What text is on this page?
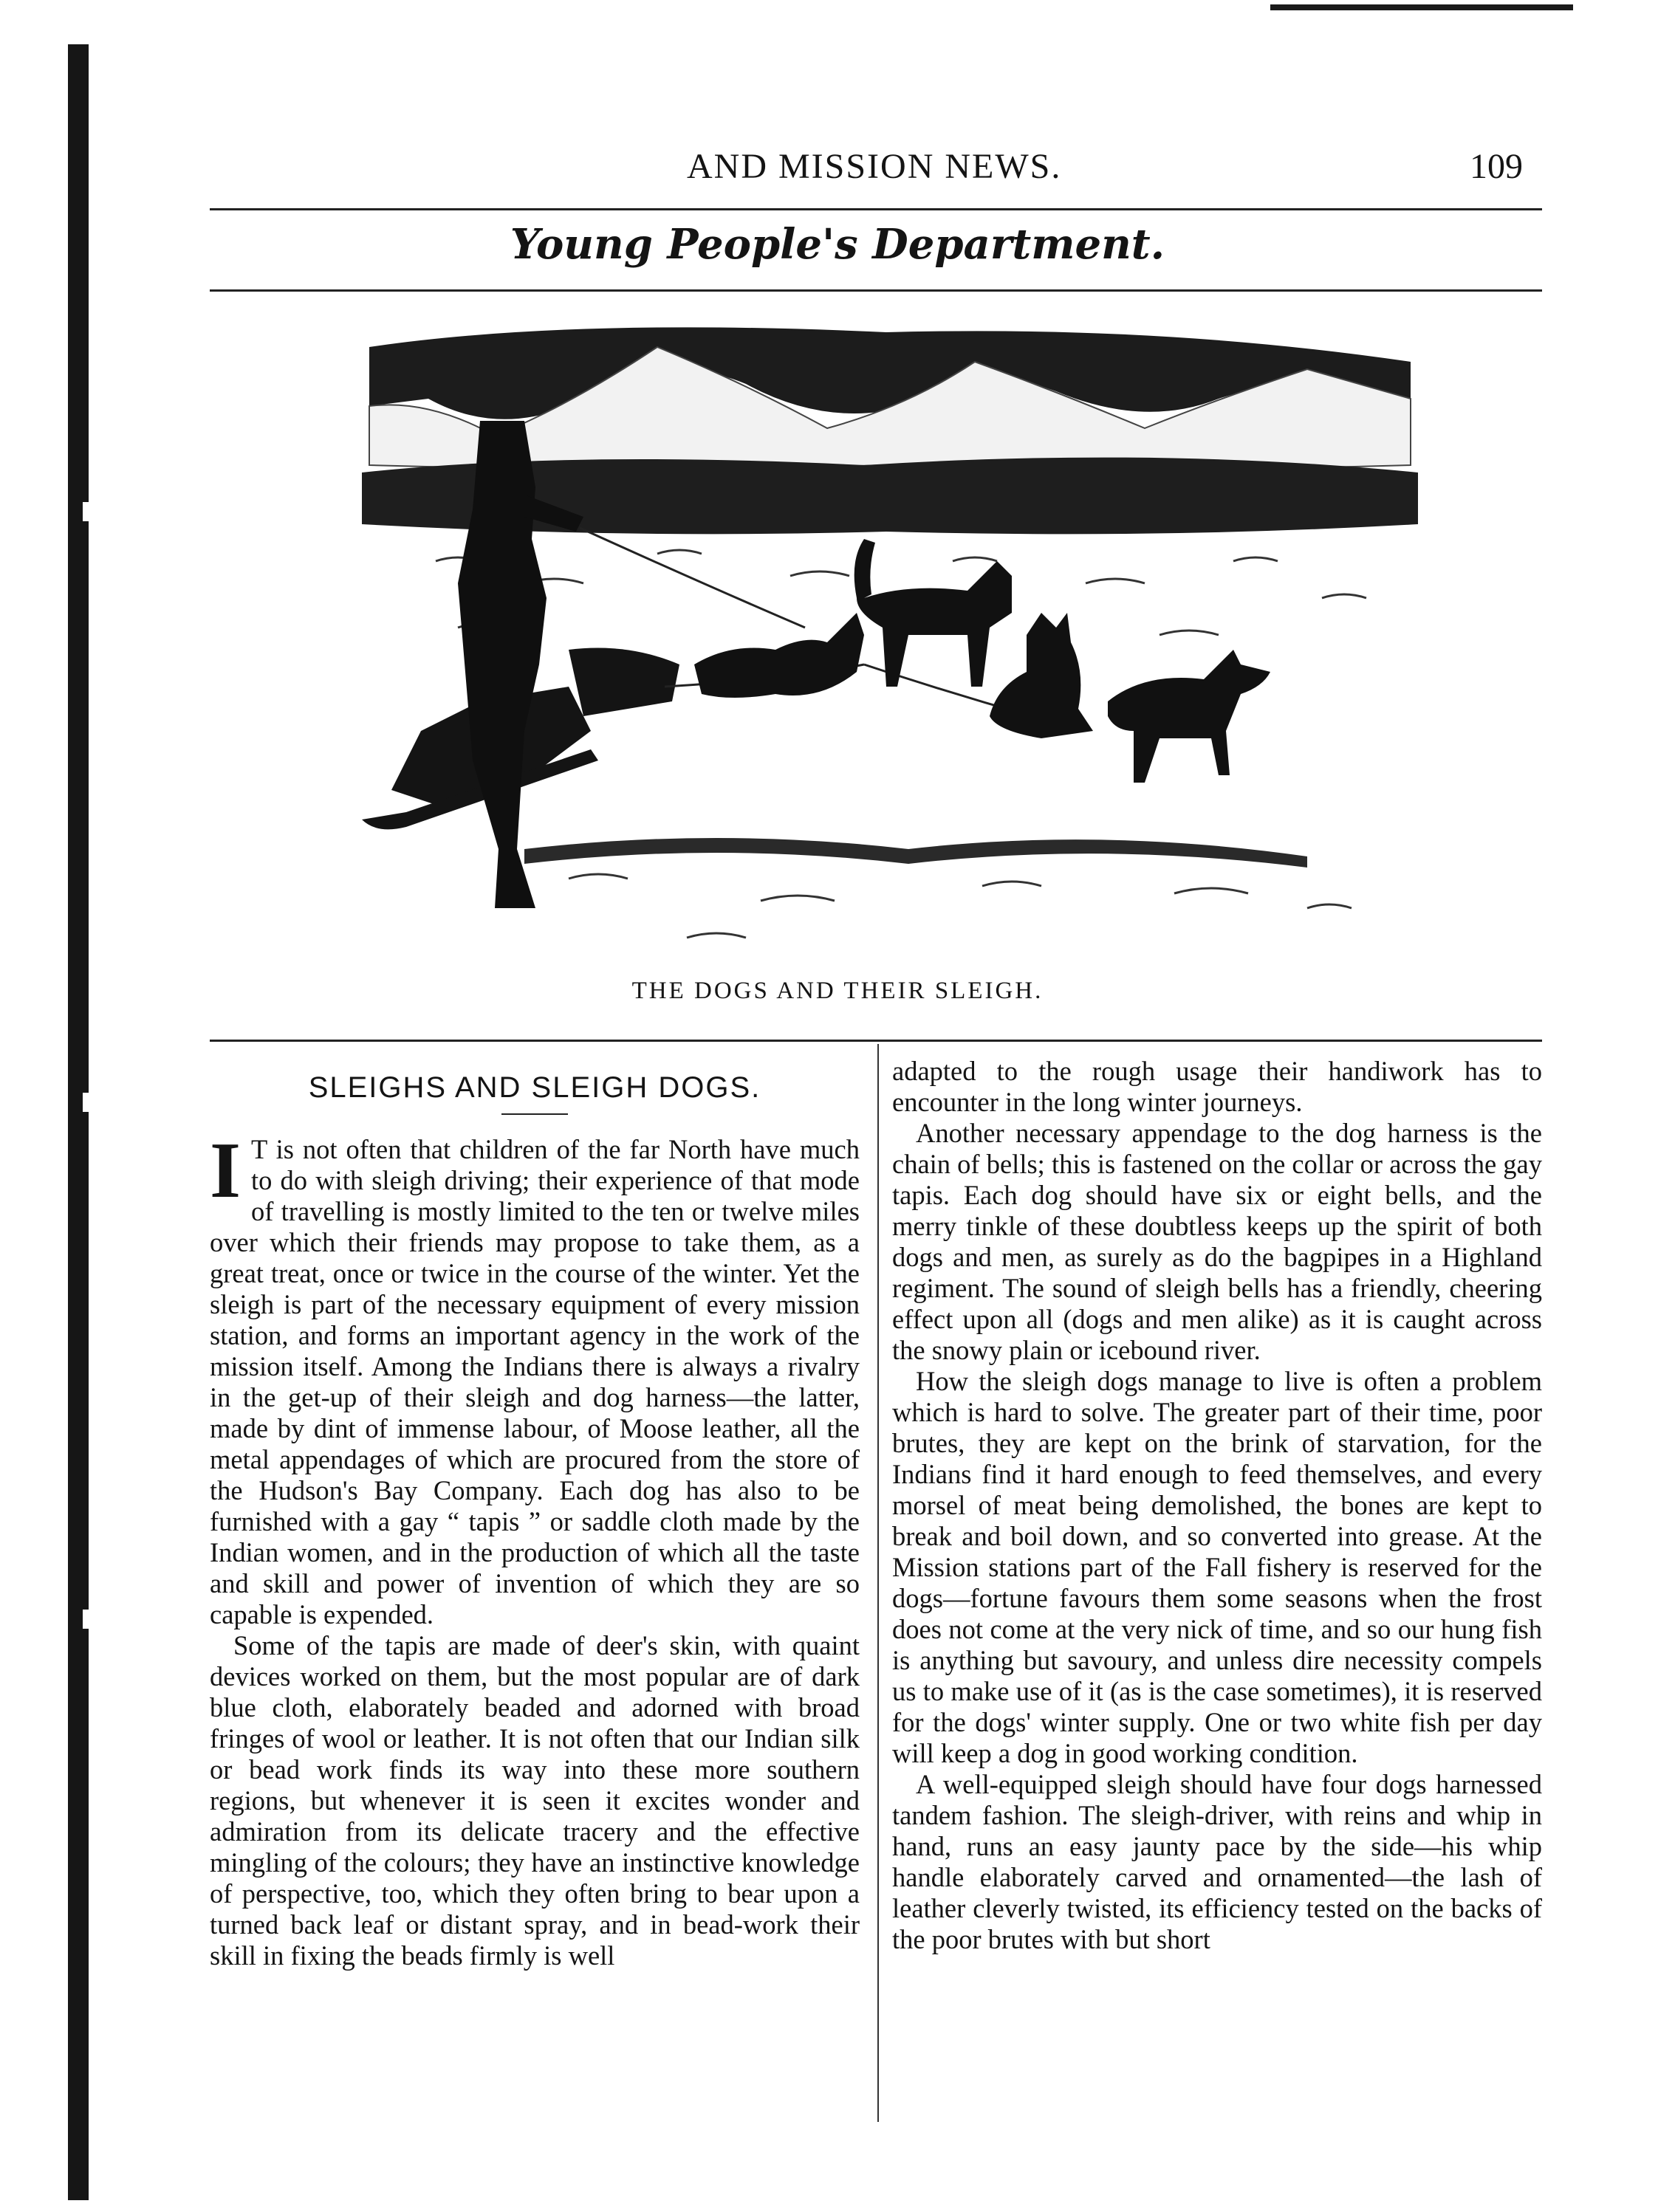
AND MISSION NEWS.	109
Young People's Department.
THE DOGS AND THEIR SLEIGH.
SLEIGHS AND SLEIGH DOGS.
I T is not often that children of the far North have much to do with sleigh driving; their experience of that mode of travelling is mostly limited to the ten or twelve miles over which their friends may propose to take them, as a great treat, once or twice in the course of the winter. Yet the sleigh is part of the necessary equipment of every mission station, and forms an important agency in the work of the mission itself. Among the Indians there is always a rivalry in the get-up of their sleigh and dog harness—the latter, made by dint of immense labour, of Moose leather, all the metal appendages of which are procured from the store of the Hudson's Bay Company. Each dog has also to be furnished with a gay “ tapis ” or saddle cloth made by the Indian women, and in the production of which all the taste and skill and power of invention of which they are so capable is expended.

Some of the tapis are made of deer's skin, with quaint devices worked on them, but the most popular are of dark blue cloth, elaborately beaded and adorned with broad fringes of wool or leather. It is not often that our Indian silk or bead work finds its way into these more southern regions, but whenever it is seen it excites wonder and admiration from its delicate tracery and the effective mingling of the colours; they have an instinctive knowledge of perspective, too, which they often bring to bear upon a turned back leaf or distant spray, and in bead-work their skill in fixing the beads firmly is well

adapted to the rough usage their handiwork has to encounter in the long winter journeys.

Another necessary appendage to the dog harness is the chain of bells; this is fastened on the collar or across the gay tapis. Each dog should have six or eight bells, and the merry tinkle of these doubtless keeps up the spirit of both dogs and men, as surely as do the bagpipes in a Highland regiment. The sound of sleigh bells has a friendly, cheering effect upon all (dogs and men alike) as it is caught across the snowy plain or icebound river.

How the sleigh dogs manage to live is often a problem which is hard to solve. The greater part of their time, poor brutes, they are kept on the brink of starvation, for the Indians find it hard enough to feed themselves, and every morsel of meat being demolished, the bones are kept to break and boil down, and so converted into grease. At the Mission stations part of the Fall fishery is reserved for the dogs—fortune favours them some seasons when the frost does not come at the very nick of time, and so our hung fish is anything but savoury, and unless dire necessity compels us to make use of it (as is the case sometimes), it is reserved for the dogs' winter supply. One or two white fish per day will keep a dog in good working condition.

A well-equipped sleigh should have four dogs harnessed tandem fashion. The sleigh-driver, with reins and whip in hand, runs an easy jaunty pace by the side—his whip handle elaborately carved and ornamented—the lash of leather cleverly twisted, its efficiency tested on the backs of the poor brutes with but short
